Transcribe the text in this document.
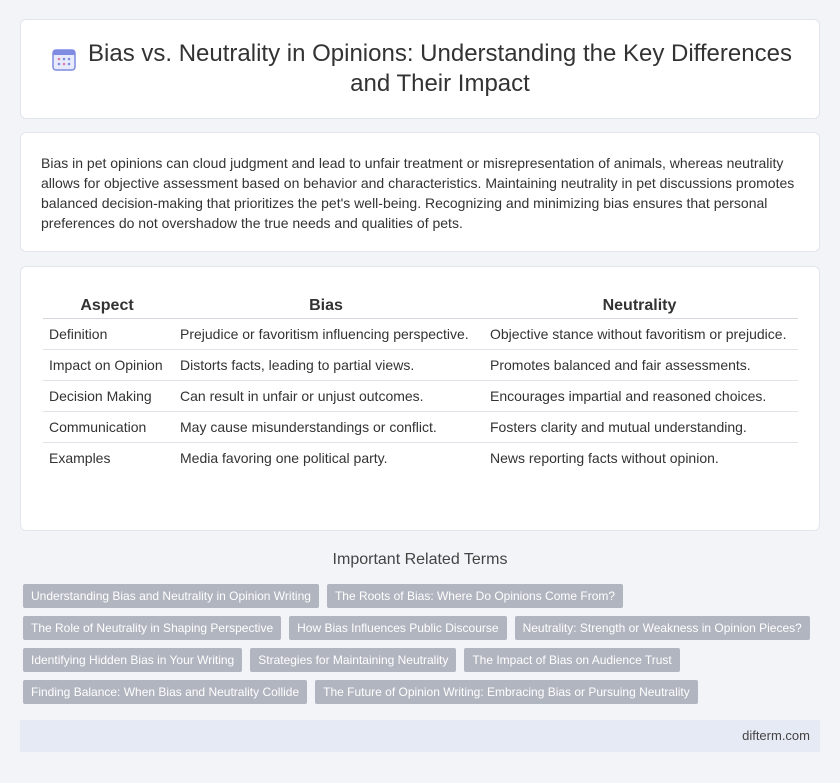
Bias vs. Neutrality in Opinions: Understanding the Key Differences and Their Impact

Bias in pet opinions can cloud judgment and lead to unfair treatment or misrepresentation of animals, whereas neutrality allows for objective assessment based on behavior and characteristics. Maintaining neutrality in pet discussions promotes balanced decision-making that prioritizes the pet's well-being. Recognizing and minimizing bias ensures that personal preferences do not overshadow the true needs and qualities of pets.

Aspect	Bias	Neutrality
Definition	Prejudice or favoritism influencing perspective.	Objective stance without favoritism or prejudice.
Impact on Opinion	Distorts facts, leading to partial views.	Promotes balanced and fair assessments.
Decision Making	Can result in unfair or unjust outcomes.	Encourages impartial and reasoned choices.
Communication	May cause misunderstandings or conflict.	Fosters clarity and mutual understanding.
Examples	Media favoring one political party.	News reporting facts without opinion.
Important Related Terms
Understanding Bias and Neutrality in Opinion Writing	The Roots of Bias: Where Do Opinions Come From?
The Role of Neutrality in Shaping Perspective	How Bias Influences Public Discourse	Neutrality: Strength or Weakness in Opinion Pieces?
Identifying Hidden Bias in Your Writing	Strategies for Maintaining Neutrality	The Impact of Bias on Audience Trust
Finding Balance: When Bias and Neutrality Collide	The Future of Opinion Writing: Embracing Bias or Pursuing Neutrality
difterm.com
